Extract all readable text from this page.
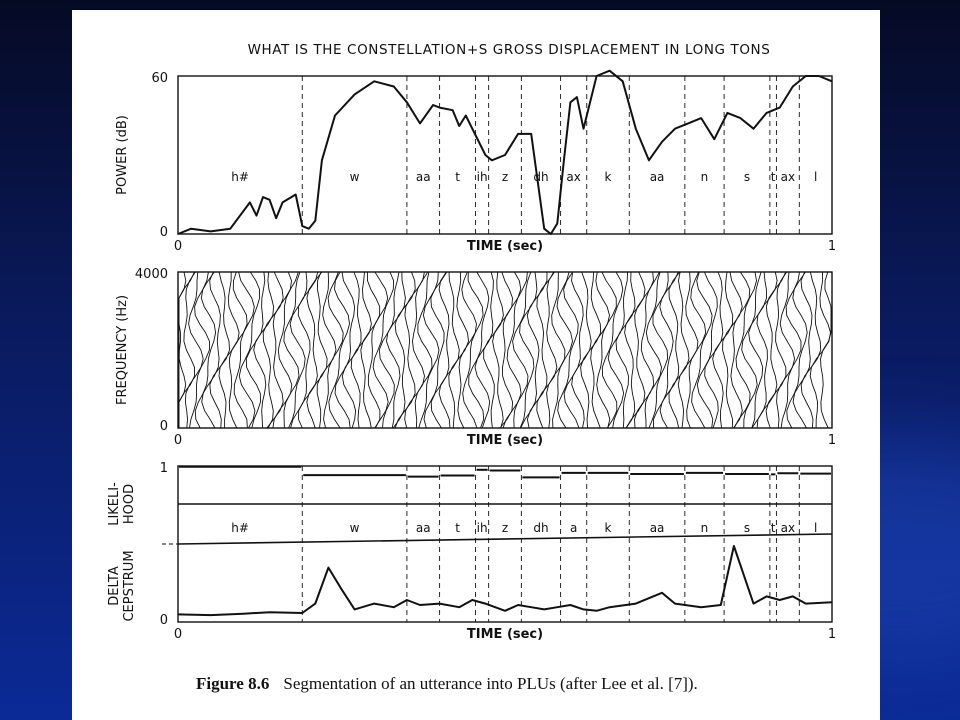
WHAT IS THE CONSTELLATION+S GROSS DISPLACEMENT IN LONG TONS
h#	w	aa t ih z dh ax k	aa	n	s t ax l
60
0
POWER (dB)
0	1
TIME (sec)
4000
0
FREQUENCY (Hz)
0	1
TIME (sec)
h#	w	aa t ih z dh a k	aa	n	s t ax l
1
0
LIKELI- HOOD
DELTA CEPSTRUM
0	1
TIME (sec)
Figure 8.6 Segmentation of an utterance into PLUs (after Lee et al. [7]).
